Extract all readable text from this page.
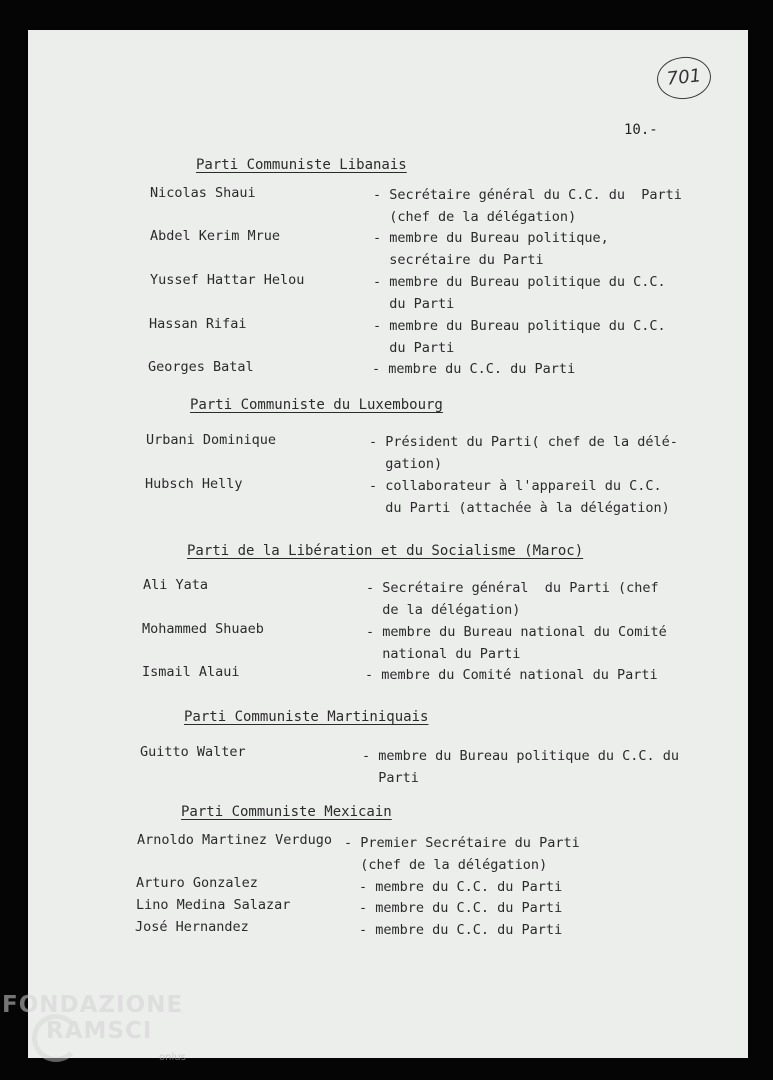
701
10.-
Parti Communiste Libanais
Nicolas Shaui	- Secrétaire général du C.C. du  Parti
(chef de la délégation)
Abdel Kerim Mrue	- membre du Bureau politique,
secrétaire du Parti
Yussef Hattar Helou	- membre du Bureau politique du C.C.
du Parti
Hassan Rifai	- membre du Bureau politique du C.C.
du Parti
Georges Batal	- membre du C.C. du Parti
Parti Communiste du Luxembourg
Urbani Dominique	- Président du Parti( chef de la délé-
gation)
Hubsch Helly	- collaborateur à l'appareil du C.C.
du Parti (attachée à la délégation)
Parti de la Libération et du Socialisme (Maroc)
Ali Yata	- Secrétaire général  du Parti (chef
de la délégation)
Mohammed Shuaeb	- membre du Bureau national du Comité
national du Parti
Ismail Alaui	- membre du Comité national du Parti
Parti Communiste Martiniquais
Guitto Walter	- membre du Bureau politique du C.C. du
Parti
Parti Communiste Mexicain
Arnoldo Martinez Verdugo - Premier Secrétaire du Parti
(chef de la délégation)
Arturo Gonzalez	- membre du C.C. du Parti
Lino Medina Salazar	- membre du C.C. du Parti
José Hernandez	- membre du C.C. du Parti
FONDAZIONE
RAMSCI
onlus
